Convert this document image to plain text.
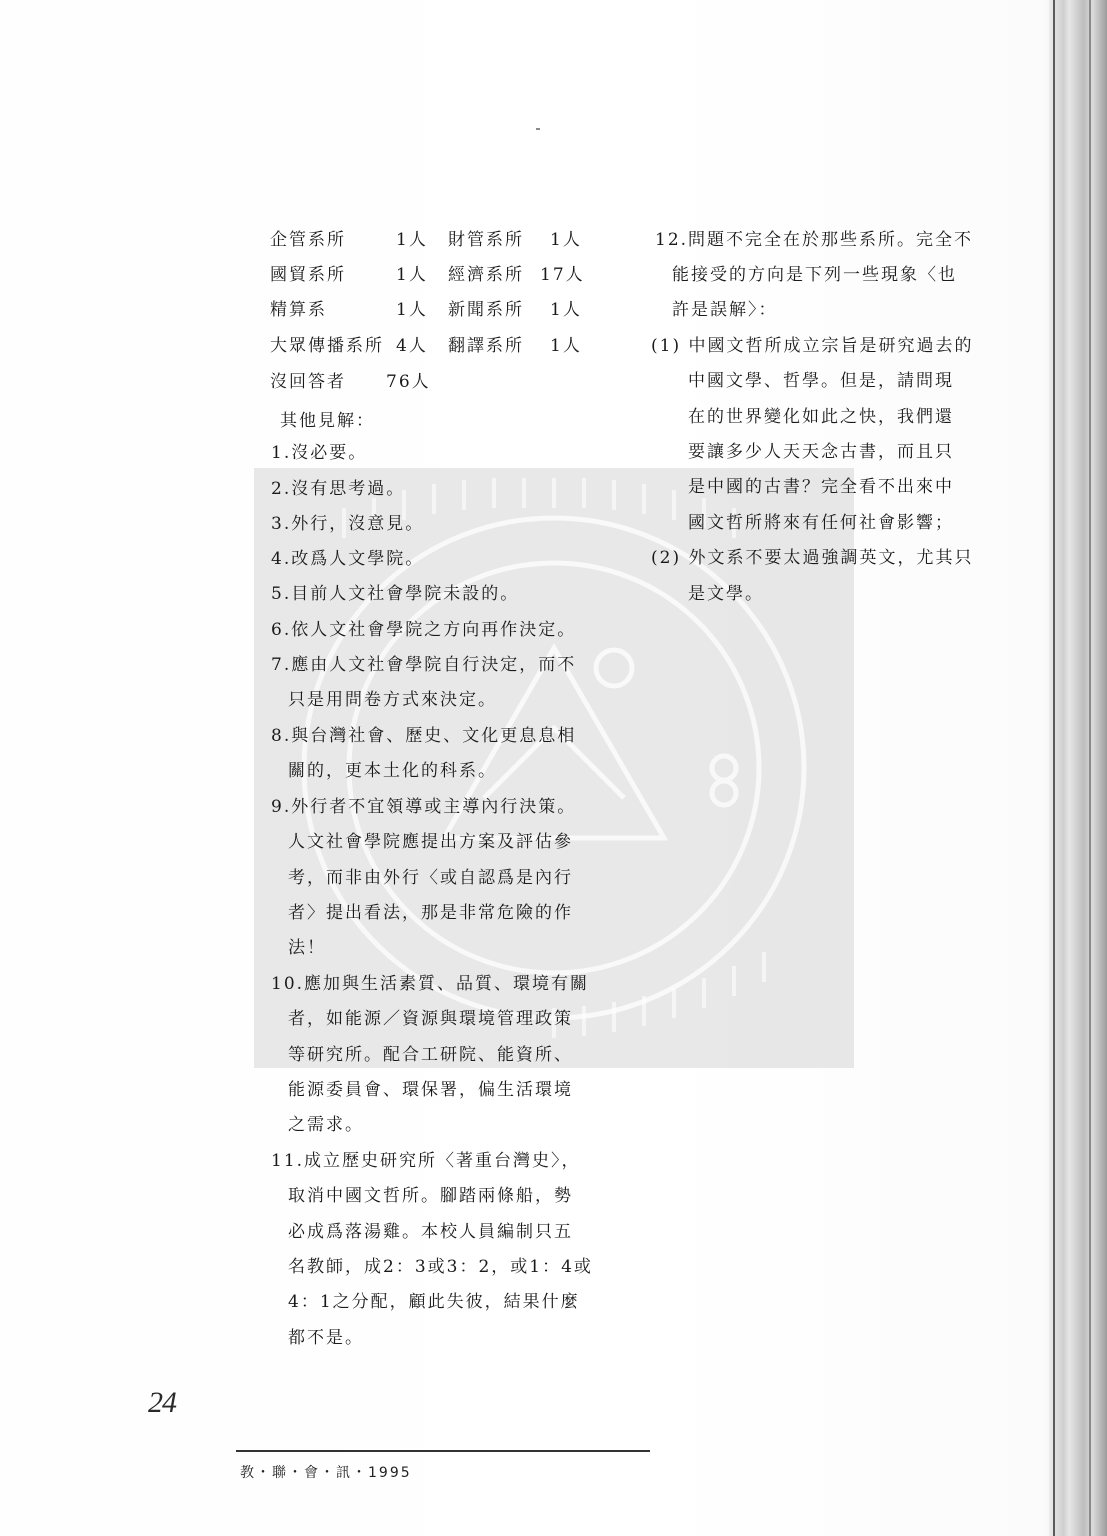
企管系所	1人 財管系所 1人
國貿系所	1人 經濟系所 17人
精算系	1人 新聞系所 1人
大眾傳播系所 4人 翻譯系所 1人
沒回答者 76人
其他見解：
1.沒必要。
2.沒有思考過。
3.外行，沒意見。
4.改爲人文學院。
5.目前人文社會學院未設的。
6.依人文社會學院之方向再作決定。
7.應由人文社會學院自行決定，而不
只是用問卷方式來決定。
8.與台灣社會、歷史、文化更息息相
關的，更本土化的科系。
9.外行者不宜領導或主導內行決策。
人文社會學院應提出方案及評估參
考，而非由外行〈或自認爲是內行
者〉提出看法，那是非常危險的作
法！
10.應加與生活素質、品質、環境有關
者，如能源／資源與環境管理政策
等研究所。配合工研院、能資所、
能源委員會、環保署，偏生活環境
之需求。
11.成立歷史研究所〈著重台灣史〉，
取消中國文哲所。腳踏兩條船，勢
必成爲落湯雞。本校人員編制只五
名教師，成2：3或3：2，或1：4或
4：1之分配，顧此失彼，結果什麼
都不是。
12.問題不完全在於那些系所。完全不
能接受的方向是下列一些現象〈也
許是誤解〉：
(1) 中國文哲所成立宗旨是研究過去的
中國文學、哲學。但是，請問現
在的世界變化如此之快，我們還
要讓多少人天天念古書，而且只
是中國的古書？完全看不出來中
國文哲所將來有任何社會影響；
(2) 外文系不要太過強調英文，尤其只
是文學。
24
教・聯・會・訊・1995
